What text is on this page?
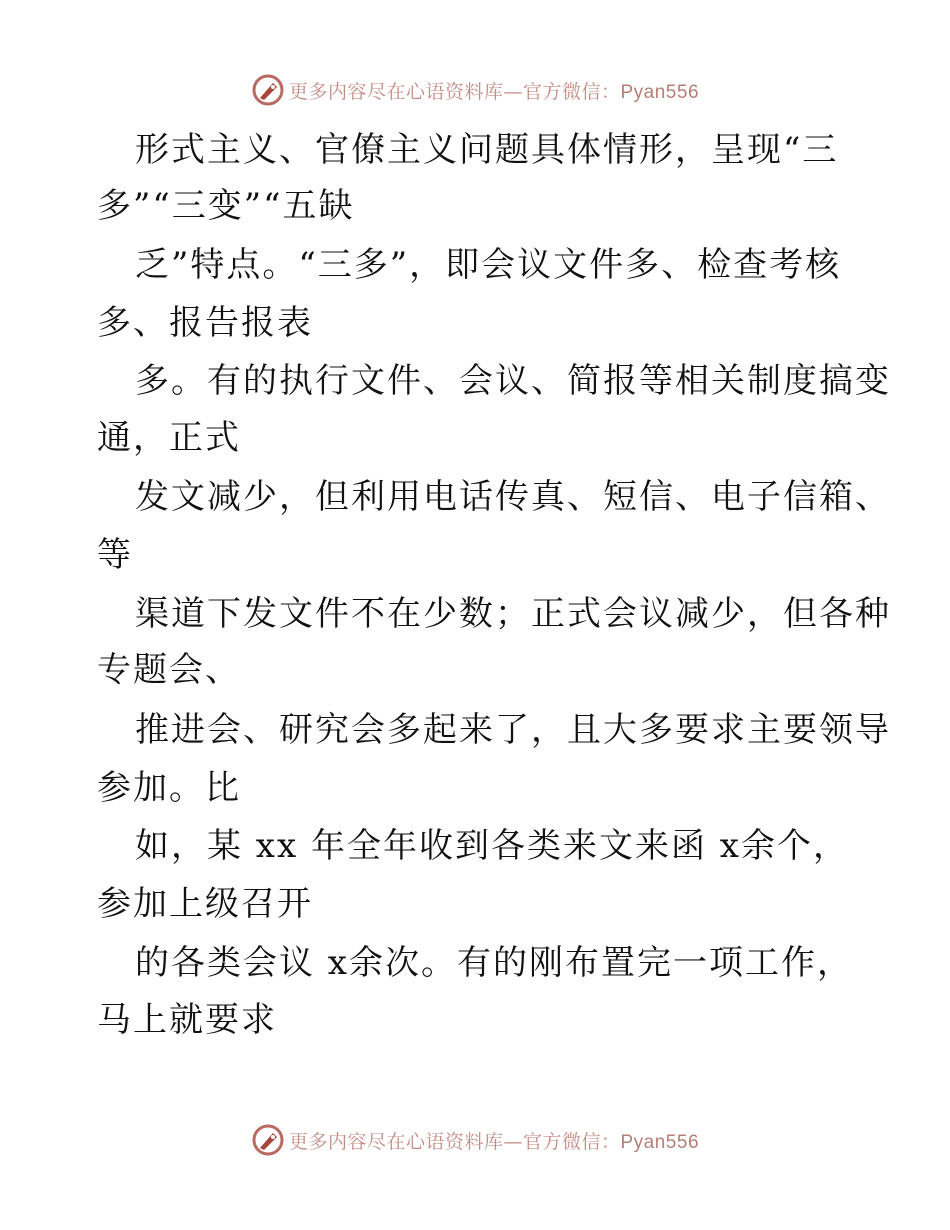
更多内容尽在心语资料库—官方微信：Pyan556
形式主义、官僚主义问题具体情形，呈现“三
多”“三变”“五缺
乏”特点。“三多”，即会议文件多、检查考核
多、报告报表
多。有的执行文件、会议、简报等相关制度搞变
通，正式
发文减少，但利用电话传真、短信、电子信箱、
等
渠道下发文件不在少数；正式会议减少，但各种
专题会、
推进会、研究会多起来了，且大多要求主要领导
参加。比
如，某 xx 年全年收到各类来文来函 x余个，
参加上级召开
的各类会议 x余次。有的刚布置完一项工作，
马上就要求
更多内容尽在心语资料库—官方微信：Pyan556
